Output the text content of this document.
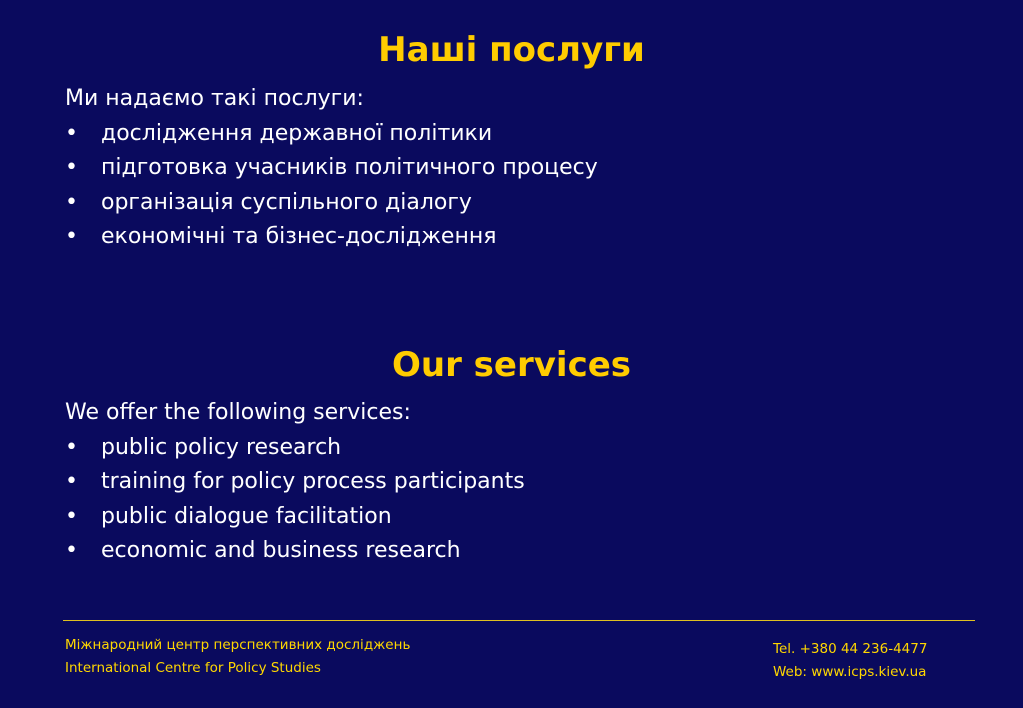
Наші послуги

Ми надаємо такі послуги:

• дослідження державної політики
• підготовка учасників політичного процесу
• організація суспільного діалогу
• економічні та бізнес-дослідження
Our services

We offer the following services:

• public policy research
• training for policy process participants
• public dialogue facilitation
• economic and business research
Міжнародний центр перспективних досліджень
International Centre for Policy Studies
Tel. +380 44 236-4477
Web: www.icps.kiev.ua
